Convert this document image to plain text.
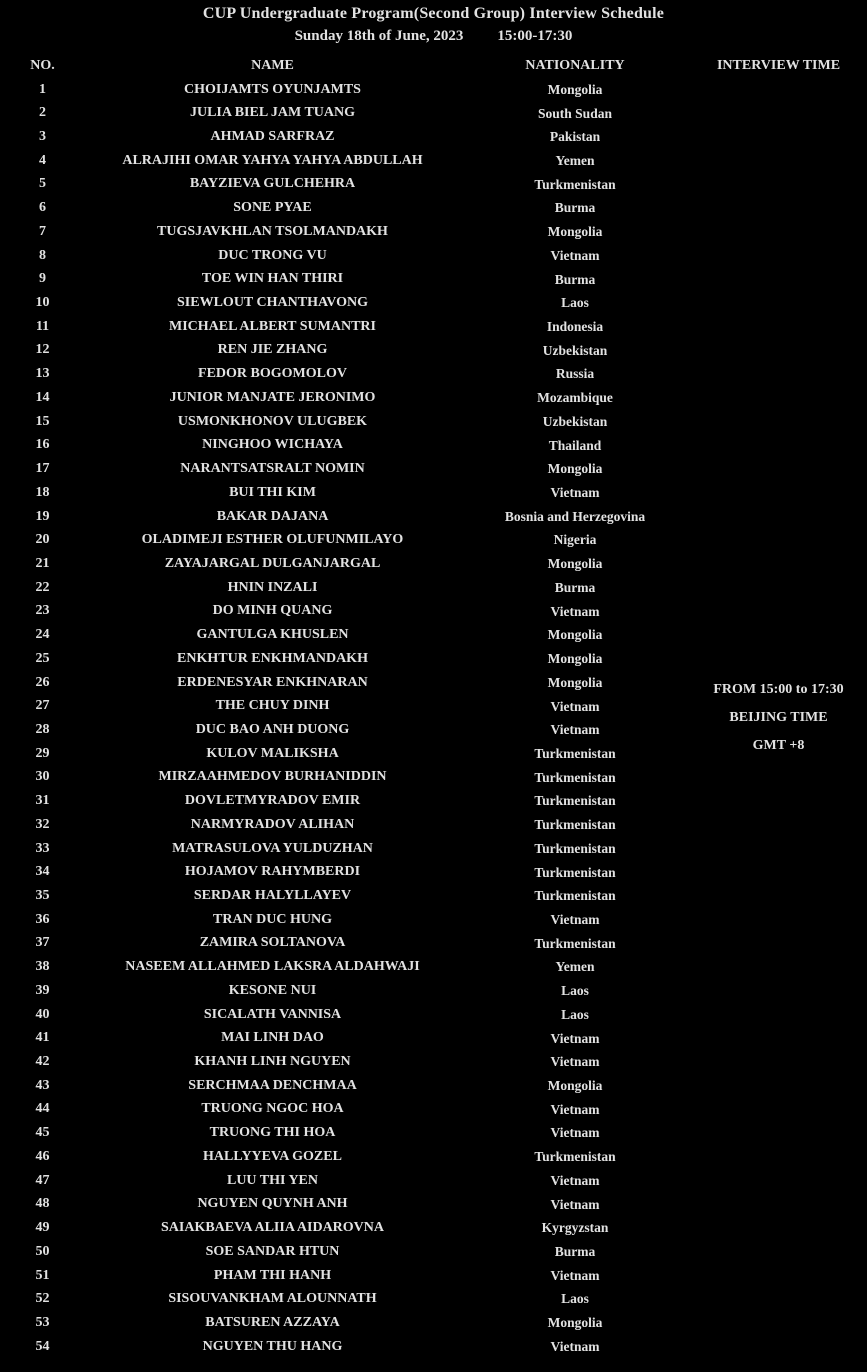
CUP Undergraduate Program(Second Group) Interview Schedule
Sunday 18th of June, 2023 15:00-17:30
NO.	NAME	NATIONALITY	INTERVIEW TIME
FROM 15:00 to 17:30
BEIJING TIME
GMT +8
1	CHOIJAMTS OYUNJAMTS	Mongolia
2	JULIA BIEL JAM TUANG	South Sudan
3	AHMAD SARFRAZ	Pakistan
4	ALRAJIHI OMAR YAHYA YAHYA ABDULLAH	Yemen
5	BAYZIEVA GULCHEHRA	Turkmenistan
6	SONE PYAE	Burma
7	TUGSJAVKHLAN TSOLMANDAKH	Mongolia
8	DUC TRONG VU	Vietnam
9	TOE WIN HAN THIRI	Burma
10	SIEWLOUT CHANTHAVONG	Laos
11	MICHAEL ALBERT SUMANTRI	Indonesia
12	REN JIE ZHANG	Uzbekistan
13	FEDOR BOGOMOLOV	Russia
14	JUNIOR MANJATE JERONIMO	Mozambique
15	USMONKHONOV ULUGBEK	Uzbekistan
16	NINGHOO WICHAYA	Thailand
17	NARANTSATSRALT NOMIN	Mongolia
18	BUI THI KIM	Vietnam
19	BAKAR DAJANA	Bosnia and Herzegovina
20	OLADIMEJI ESTHER OLUFUNMILAYO	Nigeria
21	ZAYAJARGAL DULGANJARGAL	Mongolia
22	HNIN INZALI	Burma
23	DO MINH QUANG	Vietnam
24	GANTULGA KHUSLEN	Mongolia
25	ENKHTUR ENKHMANDAKH	Mongolia
26	ERDENESYAR ENKHNARAN	Mongolia
27	THE CHUY DINH	Vietnam
28	DUC BAO ANH DUONG	Vietnam
29	KULOV MALIKSHA	Turkmenistan
30	MIRZAAHMEDOV BURHANIDDIN	Turkmenistan
31	DOVLETMYRADOV EMIR	Turkmenistan
32	NARMYRADOV ALIHAN	Turkmenistan
33	MATRASULOVA YULDUZHAN	Turkmenistan
34	HOJAMOV RAHYMBERDI	Turkmenistan
35	SERDAR HALYLLAYEV	Turkmenistan
36	TRAN DUC HUNG	Vietnam
37	ZAMIRA SOLTANOVA	Turkmenistan
38	NASEEM ALLAHMED LAKSRA ALDAHWAJI	Yemen
39	KESONE NUI	Laos
40	SICALATH VANNISA	Laos
41	MAI LINH DAO	Vietnam
42	KHANH LINH NGUYEN	Vietnam
43	SERCHMAA DENCHMAA	Mongolia
44	TRUONG NGOC HOA	Vietnam
45	TRUONG THI HOA	Vietnam
46	HALLYYEVA GOZEL	Turkmenistan
47	LUU THI YEN	Vietnam
48	NGUYEN QUYNH ANH	Vietnam
49	SAIAKBAEVA ALIIA AIDAROVNA	Kyrgyzstan
50	SOE SANDAR HTUN	Burma
51	PHAM THI HANH	Vietnam
52	SISOUVANKHAM ALOUNNATH	Laos
53	BATSUREN AZZAYA	Mongolia
54	NGUYEN THU HANG	Vietnam
